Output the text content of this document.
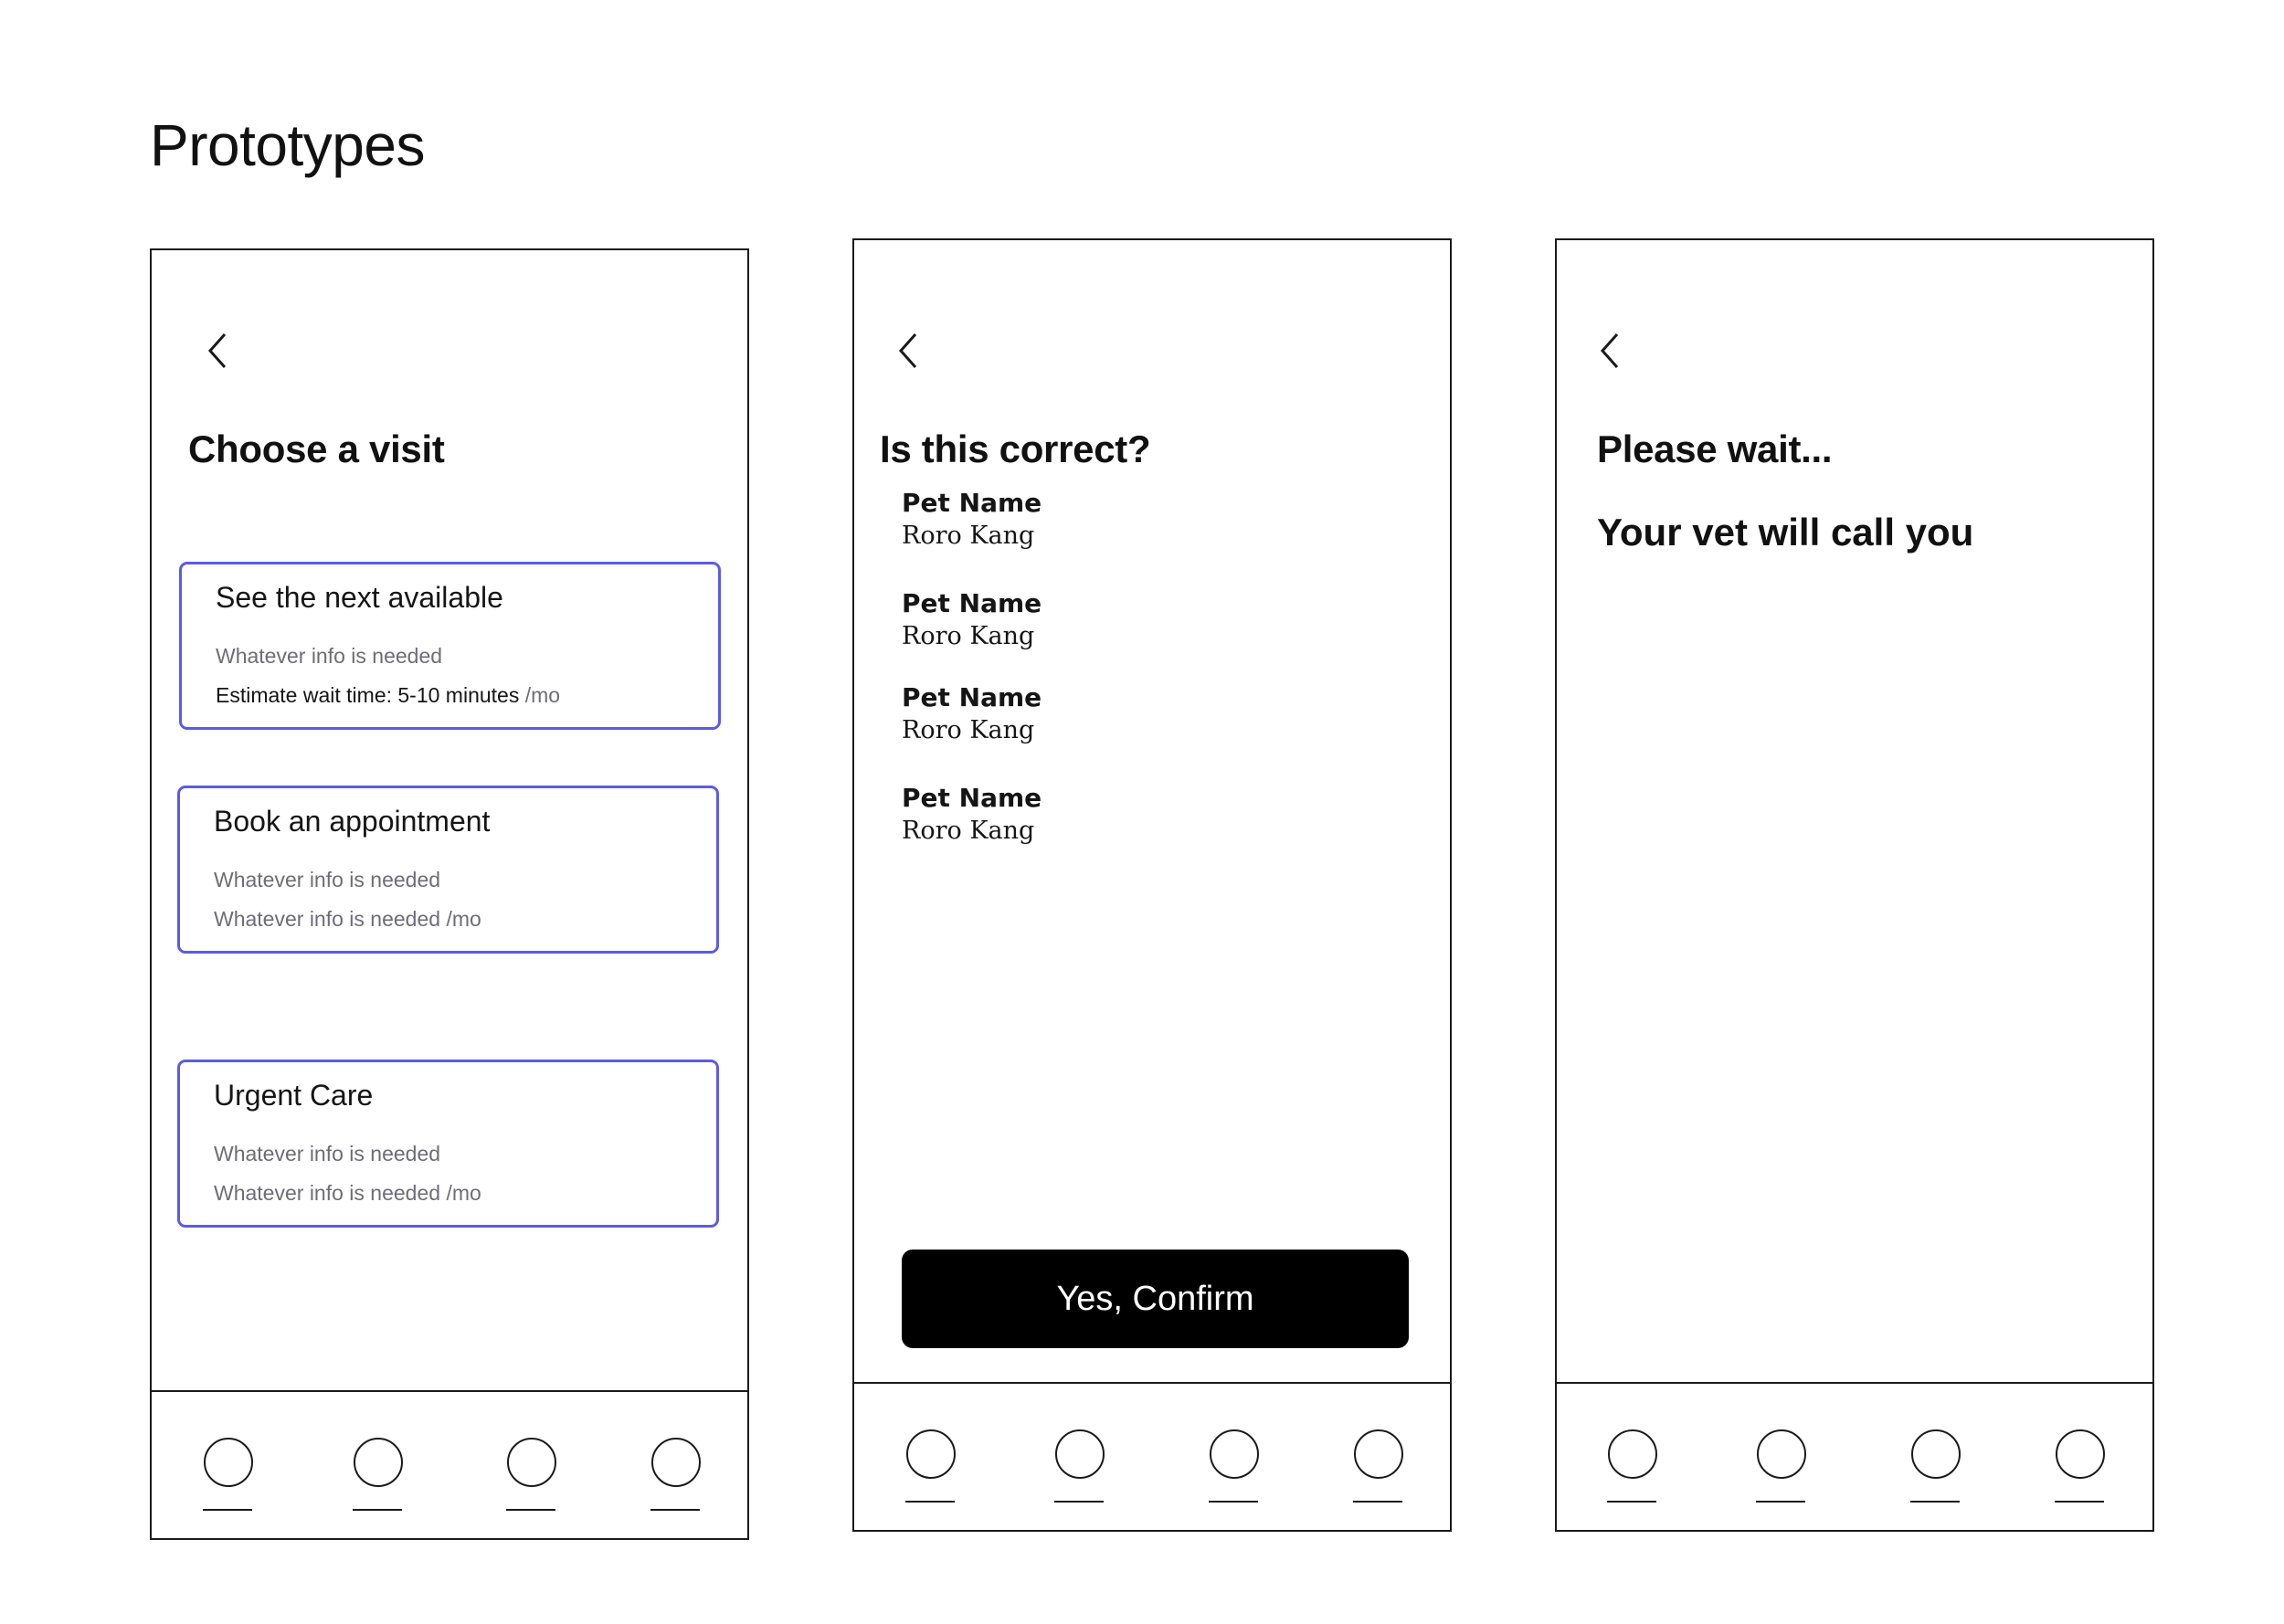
Prototypes
Choose a visit
See the next available
Whatever info is needed
Estimate wait time: 5-10 minutes /mo
Book an appointment
Whatever info is needed
Whatever info is needed /mo
Urgent Care
Whatever info is needed
Whatever info is needed /mo
Is this correct?
Pet Name
Roro Kang
Pet Name
Roro Kang
Pet Name
Roro Kang
Pet Name
Roro Kang
Yes, Confirm
Please wait...

Your vet will call you
